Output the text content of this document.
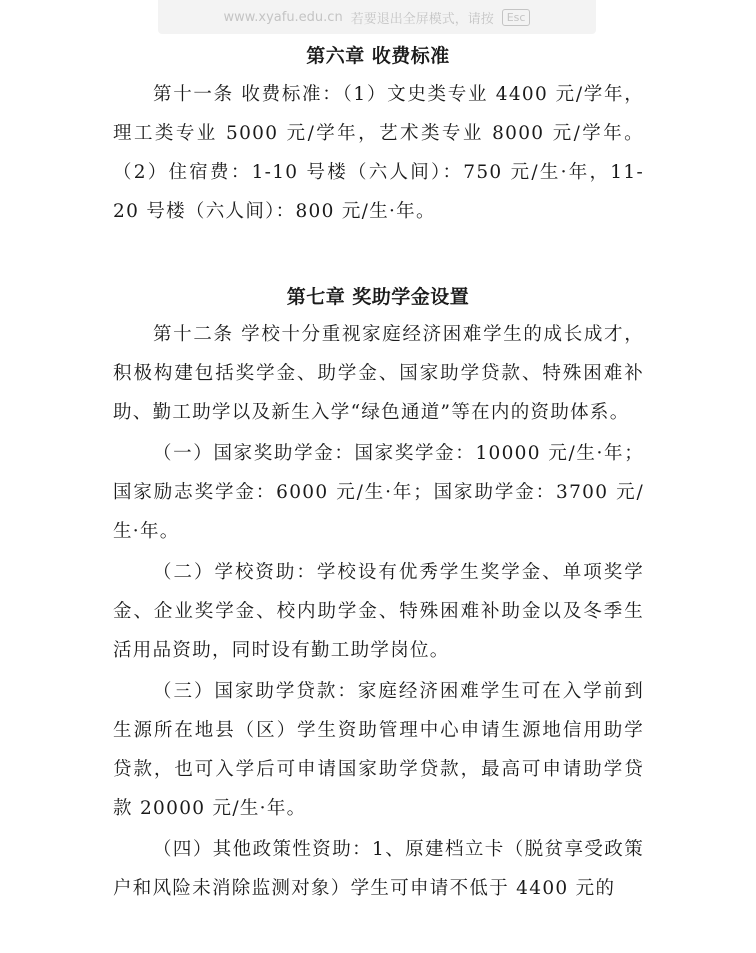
www.xyafu.edu.cn 若要退出全屏模式，请按	Esc
第六章 收费标准

第十一条 收费标准：（1）文史类专业 4400 元/学年，理工类专业 5000 元/学年，艺术类专业 8000 元/学年。（2）住宿费：1-10 号楼（六人间）：750 元/生·年，11-20 号楼（六人间）：800 元/生·年。

第七章 奖助学金设置

第十二条 学校十分重视家庭经济困难学生的成长成才，积极构建包括奖学金、助学金、国家助学贷款、特殊困难补助、勤工助学以及新生入学“绿色通道”等在内的资助体系。

（一）国家奖助学金：国家奖学金：10000 元/生·年；国家励志奖学金：6000 元/生·年；国家助学金：3700 元/生·年。

（二）学校资助：学校设有优秀学生奖学金、单项奖学金、企业奖学金、校内助学金、特殊困难补助金以及冬季生活用品资助，同时设有勤工助学岗位。

（三）国家助学贷款：家庭经济困难学生可在入学前到生源所在地县（区）学生资助管理中心申请生源地信用助学贷款，也可入学后可申请国家助学贷款，最高可申请助学贷款 20000 元/生·年。

（四）其他政策性资助：1、原建档立卡（脱贫享受政策户和风险未消除监测对象）学生可申请不低于 4400 元的
